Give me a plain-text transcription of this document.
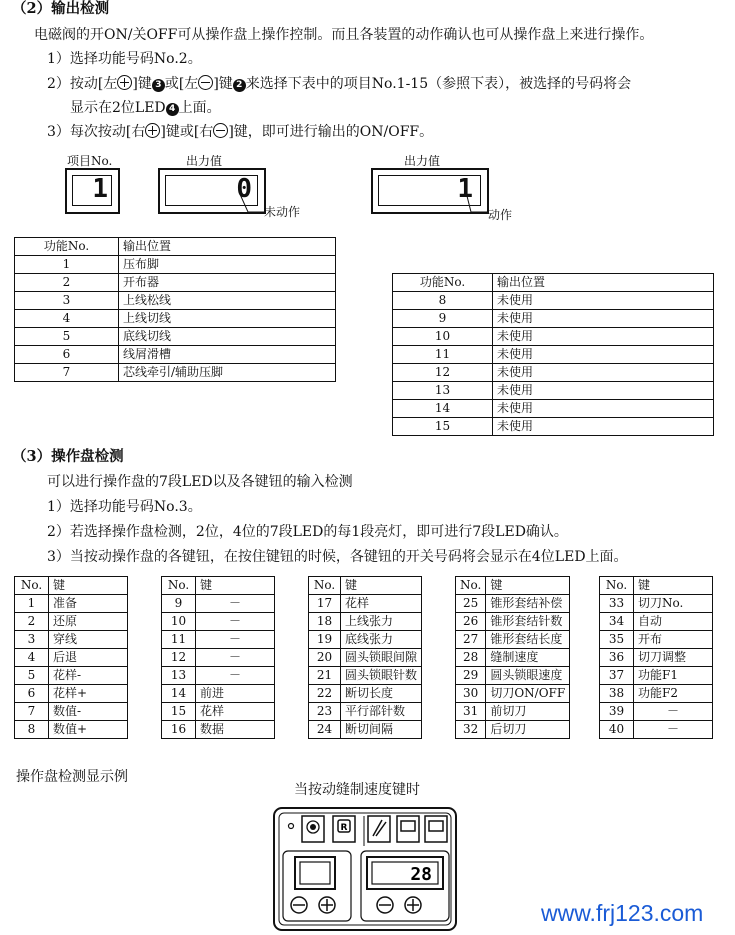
（2）输出检测
电磁阀的开ON/关OFF可从操作盘上操作控制。而且各装置的动作确认也可从操作盘上来进行操作。
1）选择功能号码No.2。
2）按动[左 ]键 3 或[左 ]键 2 来选择下表中的项目No.1-15（参照下表），被选择的号码将会
显示在2位LED 4 上面。
3）每次按动[右 ]键或[右 ]键，即可进行输出的ON/OFF。
项目No.
1
出力值
0
未动作
出力值
1
动作
功能No.	输出位置
1	压布脚
2	开布器
3	上线松线
4	上线切线
5	底线切线
6	线屑滑槽
7	芯线牵引/辅助压脚
功能No.	输出位置
8	未使用
9	未使用
10	未使用
11	未使用
12	未使用
13	未使用
14	未使用
15	未使用
（3）操作盘检测
可以进行操作盘的7段LED以及各键钮的输入检测
1）选择功能号码No.3。
2）若选择操作盘检测，2位，4位的7段LED的每1段亮灯，即可进行7段LED确认。
3）当按动操作盘的各键钮，在按住键钮的时候，各键钮的开关号码将会显示在4位LED上面。
No.	键
1	准备
2	还原
3	穿线
4	后退
5	花样-
6	花样+
7	数值-
8	数值+
No.	键
9	－
10	－
11	－
12	－
13	－
14	前进
15	花样
16	数据
No.	键
17	花样
18	上线张力
19	底线张力
20	圆头锁眼间隙
21	圆头锁眼针数
22	断切长度
23	平行部针数
24	断切间隔
No.	键
25	锥形套结补偿
26	锥形套结针数
27	锥形套结长度
28	缝制速度
29	圆头锁眼速度
30	切刀ON/OFF
31	前切刀
32	后切刀
No.	键
33	切刀No.
34	自动
35	开布
36	切刀调整
37	功能F1
38	功能F2
39	－
40	－
操作盘检测显示例
当按动缝制速度键时
R
28
www.frj123.com
